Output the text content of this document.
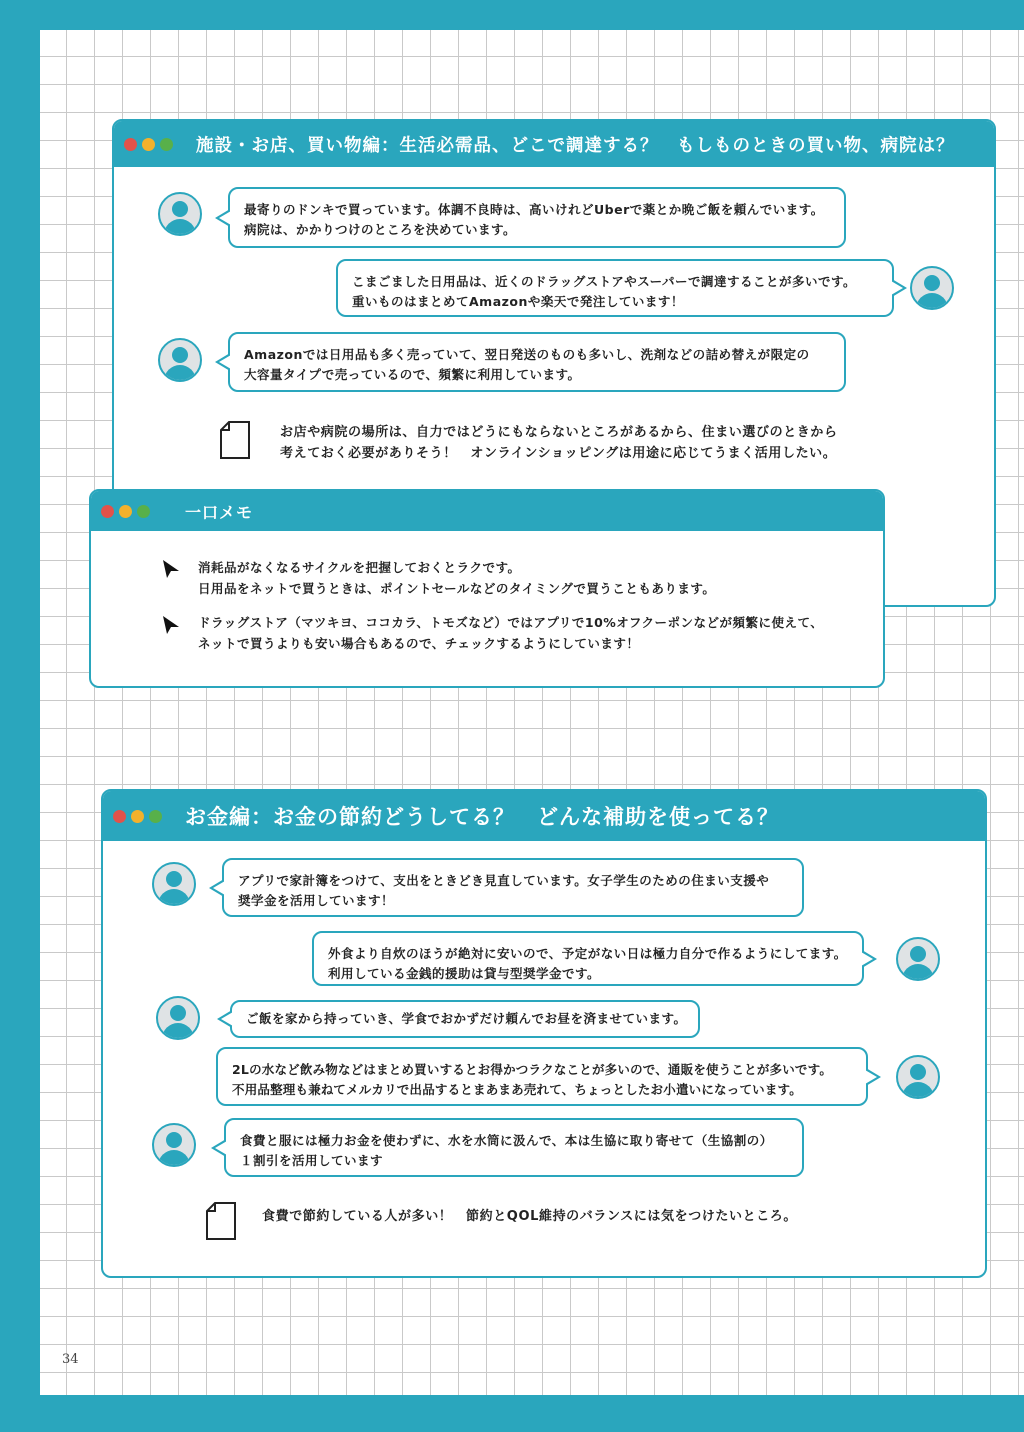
施設・お店、買い物編：生活必需品、どこで調達する？　もしものときの買い物、病院は？
最寄りのドンキで買っています。体調不良時は、高いけれどUberで薬とか晩ご飯を頼んでいます。
病院は、かかりつけのところを決めています。
こまごました日用品は、近くのドラッグストアやスーパーで調達することが多いです。
重いものはまとめてAmazonや楽天で発注しています！
Amazonでは日用品も多く売っていて、翌日発送のものも多いし、洗剤などの詰め替えが限定の
大容量タイプで売っているので、頻繁に利用しています。
お店や病院の場所は、自力ではどうにもならないところがあるから、住まい選びのときから
考えておく必要がありそう！　オンラインショッピングは用途に応じてうまく活用したい。
一口メモ
消耗品がなくなるサイクルを把握しておくとラクです。
日用品をネットで買うときは、ポイントセールなどのタイミングで買うこともあります。
ドラッグストア（マツキヨ、ココカラ、トモズなど）ではアプリで10%オフクーポンなどが頻繁に使えて、
ネットで買うよりも安い場合もあるので、チェックするようにしています！
お金編：お金の節約どうしてる？　どんな補助を使ってる？
アプリで家計簿をつけて、支出をときどき見直しています。女子学生のための住まい支援や
奨学金を活用しています！
外食より自炊のほうが絶対に安いので、予定がない日は極力自分で作るようにしてます。
利用している金銭的援助は貸与型奨学金です。
ご飯を家から持っていき、学食でおかずだけ頼んでお昼を済ませています。
2Lの水など飲み物などはまとめ買いするとお得かつラクなことが多いので、通販を使うことが多いです。
不用品整理も兼ねてメルカリで出品するとまあまあ売れて、ちょっとしたお小遣いになっています。
食費と服には極力お金を使わずに、水を水筒に汲んで、本は生協に取り寄せて（生協割の）
１割引を活用しています
食費で節約している人が多い！　節約とQOL維持のバランスには気をつけたいところ。
34
